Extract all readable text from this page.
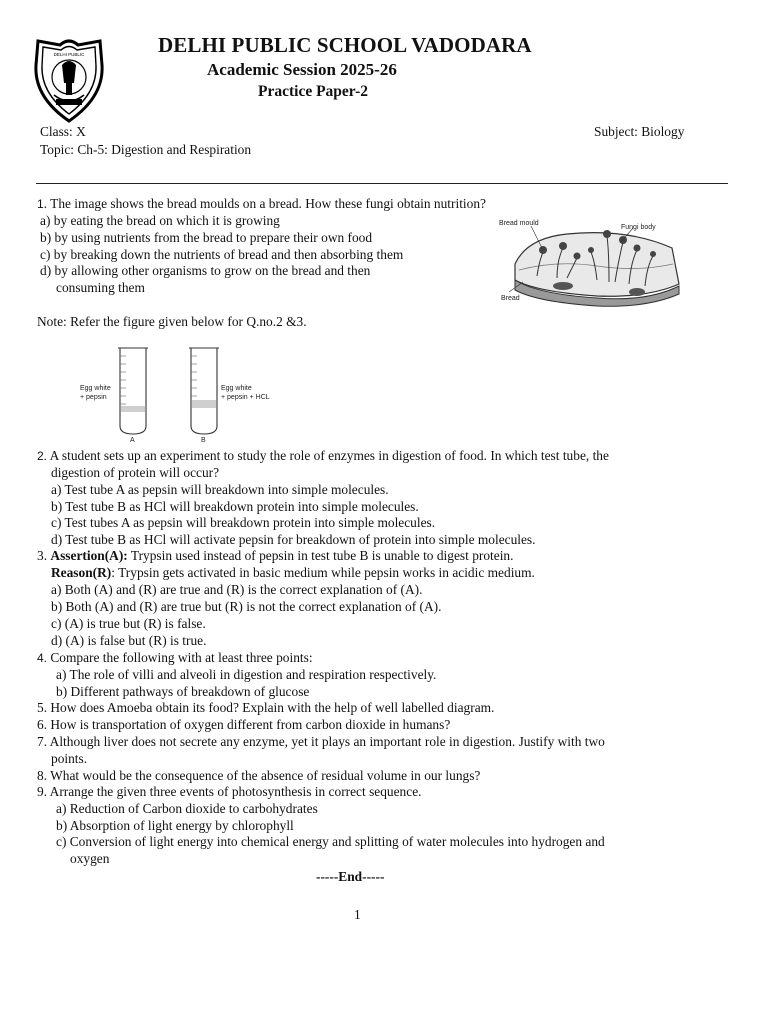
DELHI PUBLIC	DELHI PUBLIC SCHOOL VADODARA
Academic Session 2025-26
Practice Paper-2
Class: X	Subject: Biology
Topic: Ch-5: Digestion and Respiration
1. The image shows the bread moulds on a bread. How these fungi obtain nutrition?
a) by eating the bread on which it is growing
b) by using nutrients from the bread to prepare their own food
c) by breaking down the nutrients of bread and then absorbing them
d) by allowing other organisms to grow on the bread and then
consuming them
Bread mould
Fungi body
Bread
Note: Refer the figure given below for Q.no.2 &3.
Egg white
+ pepsin
Egg white
+ pepsin + HCL
A	B
2. A student sets up an experiment to study the role of enzymes in digestion of food. In which test tube, the
digestion of protein will occur?
a) Test tube A as pepsin will breakdown into simple molecules.
b) Test tube B as HCl will breakdown protein into simple molecules.
c) Test tubes A as pepsin will breakdown protein into simple molecules.
d) Test tube B as HCl will activate pepsin for breakdown of protein into simple molecules.
3. Assertion(A): Trypsin used instead of pepsin in test tube B is unable to digest protein.
Reason(R): Trypsin gets activated in basic medium while pepsin works in acidic medium.
a) Both (A) and (R) are true and (R) is the correct explanation of (A).
b) Both (A) and (R) are true but (R) is not the correct explanation of (A).
c) (A) is true but (R) is false.
d) (A) is false but (R) is true.
4. Compare the following with at least three points:
a) The role of villi and alveoli in digestion and respiration respectively.
b) Different pathways of breakdown of glucose
5. How does Amoeba obtain its food? Explain with the help of well labelled diagram.
6. How is transportation of oxygen different from carbon dioxide in humans?
7. Although liver does not secrete any enzyme, yet it plays an important role in digestion. Justify with two
points.
8. What would be the consequence of the absence of residual volume in our lungs?
9. Arrange the given three events of photosynthesis in correct sequence.
a) Reduction of Carbon dioxide to carbohydrates
b) Absorption of light energy by chlorophyll
c) Conversion of light energy into chemical energy and splitting of water molecules into hydrogen and
oxygen
-----End-----
1
